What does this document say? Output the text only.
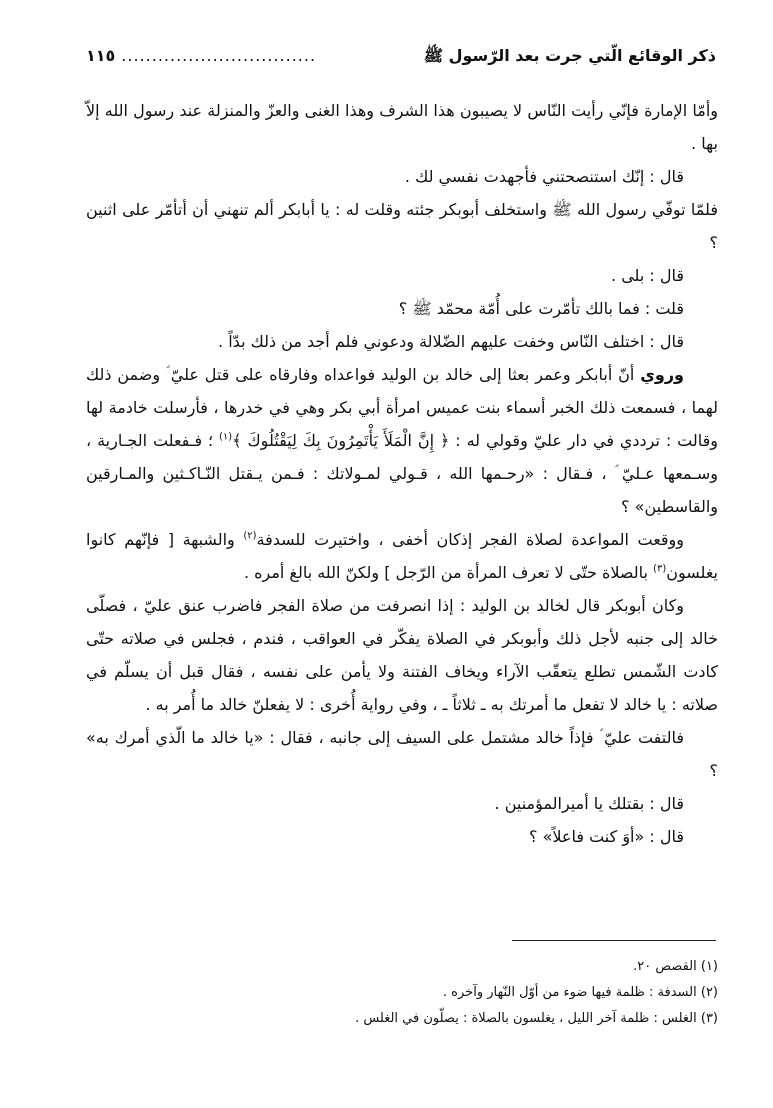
ذكر الوقائع الّتي جرت بعد الرّسول ﷺ
................................
١١٥

وأمّا الإمارة فإنّي رأيت النّاس لا يصيبون هذا الشرف وهذا الغنى والعزّ والمنزلة عند رسول الله إلاّ بها .

قال : إنّك استنصحتني فأجهدت نفسي لك .

فلمّا توفّي رسول الله ﷺ واستخلف أبوبكر جئته وقلت له : يا أبابكر ألم تنهني أن أتأمّر على اثنين ؟

قال : بلى .

قلت : فما بالك تأمّرت على أُمّة محمّد ﷺ ؟

قال : اختلف النّاس وخفت عليهم الضّلالة ودعوني فلم أجد من ذلك بدّاً .

وروي أنّ أبابكر وعمر بعثا إلى خالد بن الوليد فواعداه وفارقاه على قتل عليّ ؑ وضمن ذلك لهما ، فسمعت ذلك الخبر أسماء بنت عميس امرأة أبي بكر وهي في خدرها ، فأرسلت خادمة لها وقالت : ترددي في دار عليّ وقولي له : ﴿ إِنَّ الْمَلَأَ يَأْتَمِرُونَ بِكَ لِيَقْتُلُوكَ ﴾$^{(١)}$ ؛ فـفعلت الجـارية ، وسـمعها عـليّ ؑ ، فـقال : «رحـمها الله ، قـولي لمـولاتك : فـمن يـقتل النّـاكـثين والمـارقين والقاسطين» ؟

ووقعت المواعدة لصلاة الفجر إذكان أخفى ، واختيرت للسدفة$^{(٢)}$ والشبهة [ فإنّهم كانوا يغلسون$^{(٣)}$ بالصلاة حتّى لا تعرف المرأة من الرّجل ] ولكنّ الله بالغ أمره .

وكان أبوبكر قال لخالد بن الوليد : إذا انصرفت من صلاة الفجر فاضرب عنق عليّ ، فصلّى خالد إلى جنبه لأجل ذلك وأبوبكر في الصلاة يفكّر في العواقب ، فندم ، فجلس في صلاته حتّى كادت الشّمس تطلع يتعقّب الآراء ويخاف الفتنة ولا يأمن على نفسه ، فقال قبل أن يسلّم في صلاته : يا خالد لا تفعل ما أمرتك به ـ ثلاثاً ـ ، وفي رواية أُخرى : لا يفعلنّ خالد ما أُمر به .

فالتفت عليّ ؑ فإذاً خالد مشتمل على السيف إلى جانبه ، فقال : «يا خالد ما الّذي أمرك به» ؟

قال : بقتلك يا أميرالمؤمنين .

قال : «أوَ كنت فاعلاً» ؟

(١) القصص ٢٠.

(٢) السدفة : ظلمة فيها ضوء من أوّل النّهار وآخره .

(٣) الغلس : ظلمة آخر الليل ، يغلسون بالصلاة : يصلّون في الغلس .
